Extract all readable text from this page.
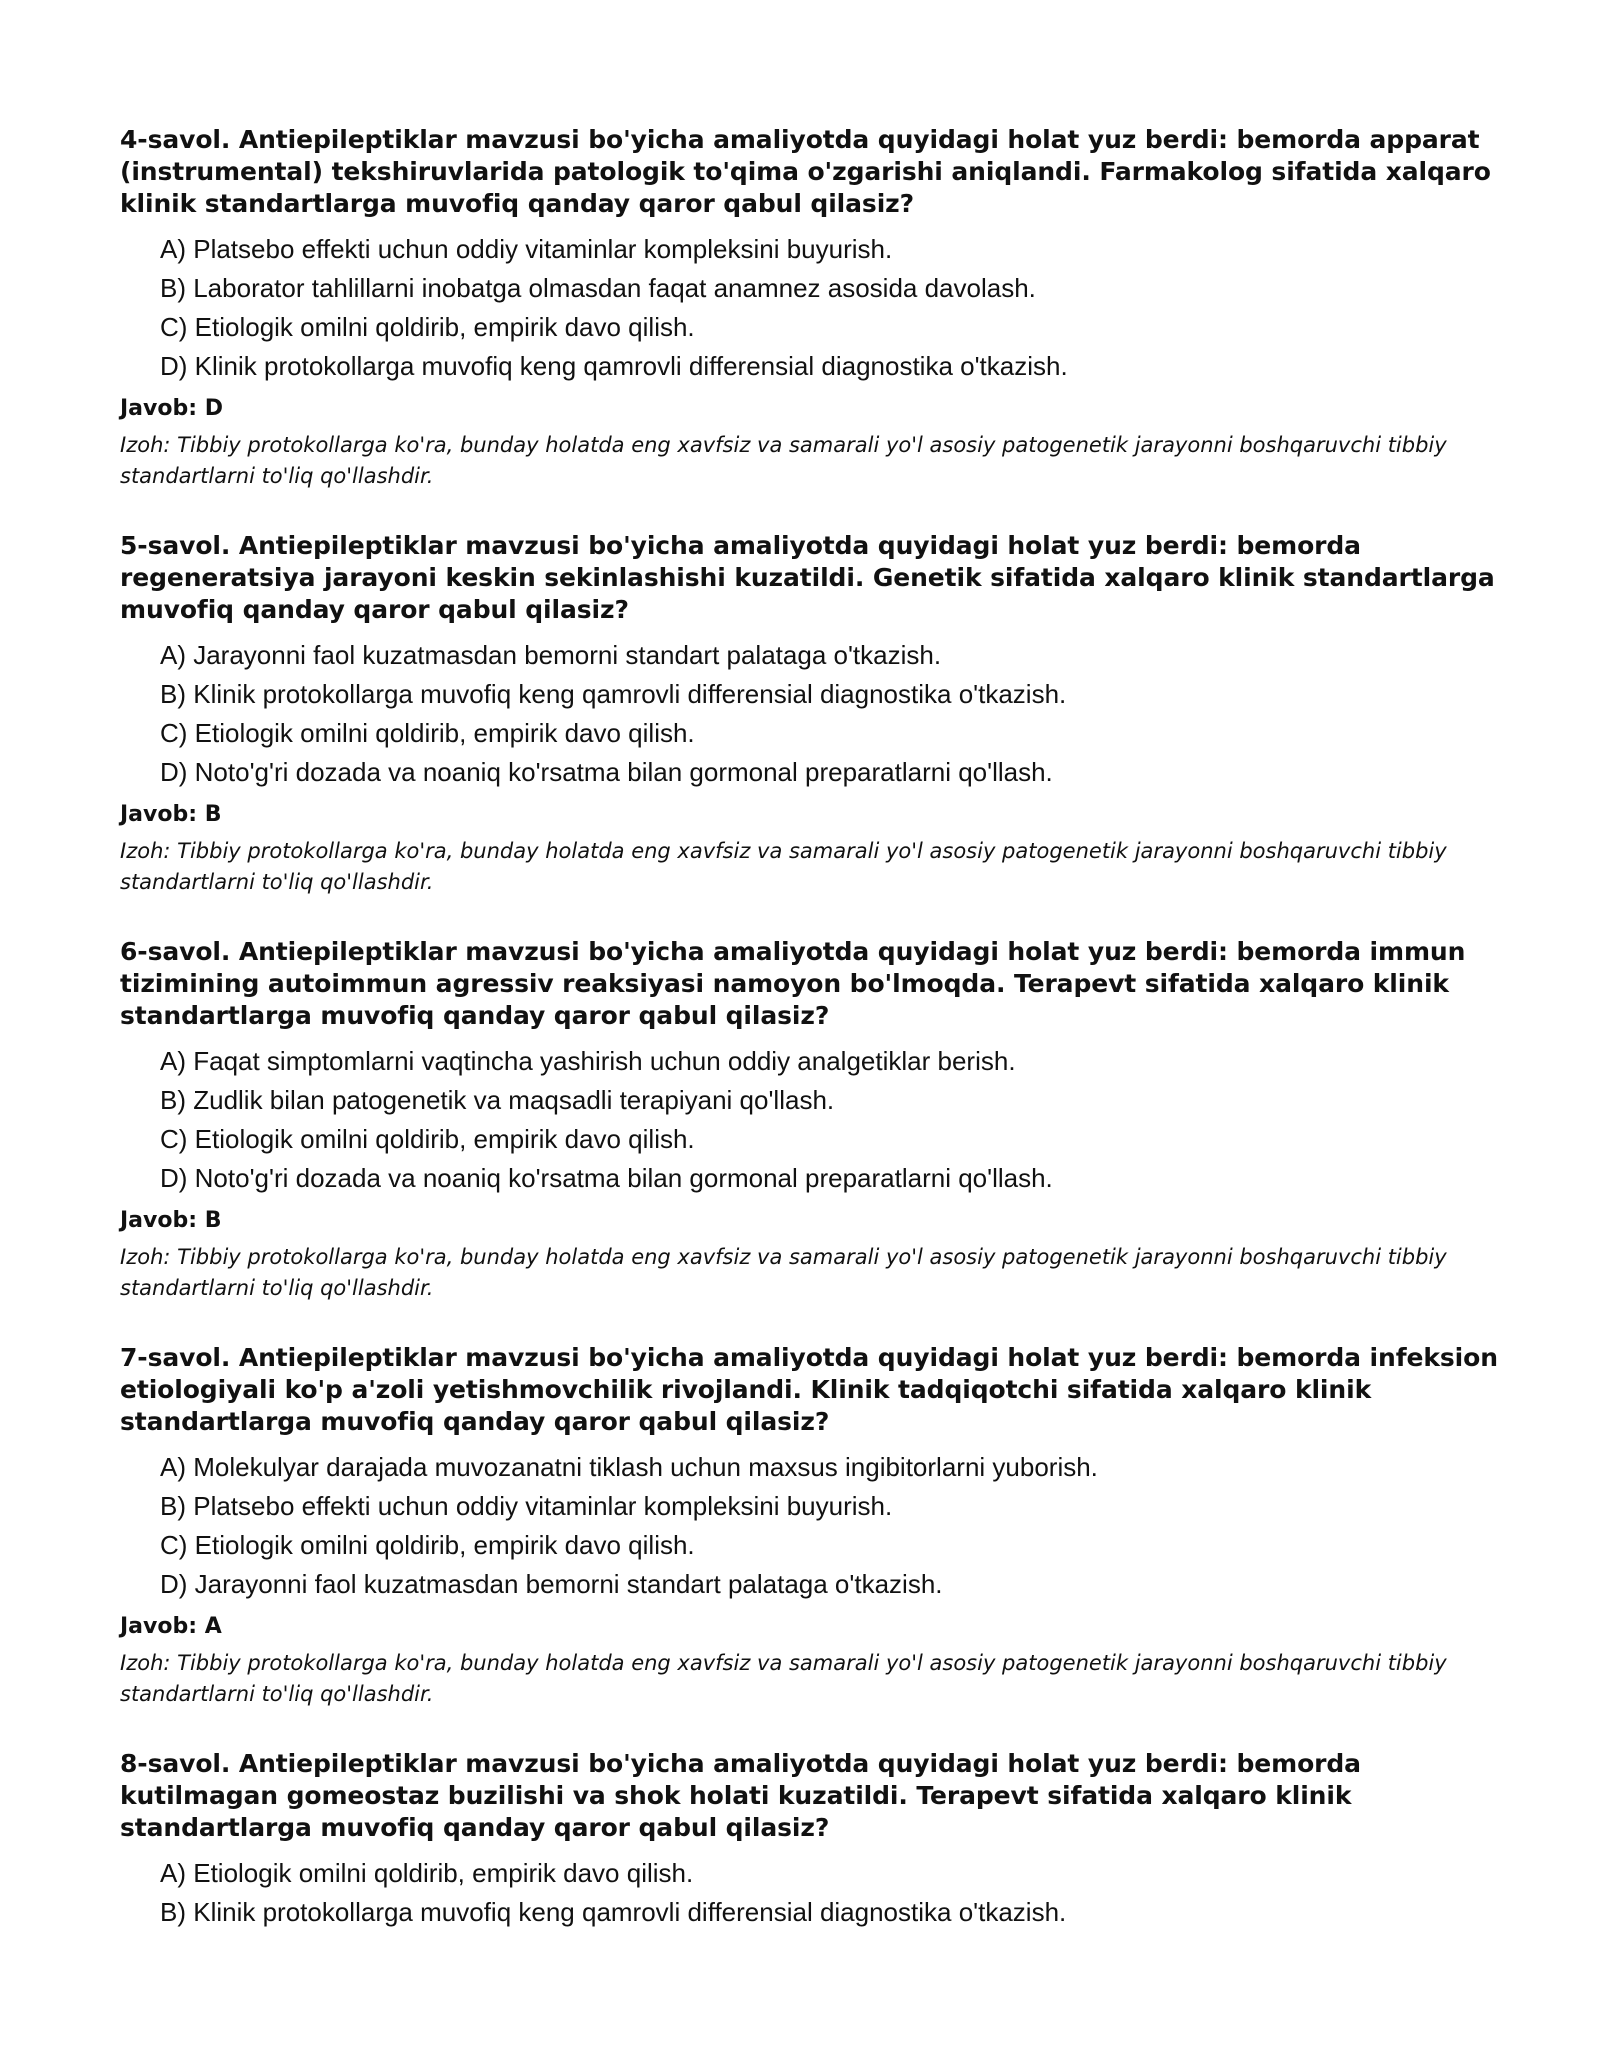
4-savol. Antiepileptiklar mavzusi bo'yicha amaliyotda quyidagi holat yuz berdi: bemorda apparat (instrumental) tekshiruvlarida patologik to'qima o'zgarishi aniqlandi. Farmakolog sifatida xalqaro klinik standartlarga muvofiq qanday qaror qabul qilasiz?

A) Platsebo effekti uchun oddiy vitaminlar kompleksini buyurish.
B) Laborator tahlillarni inobatga olmasdan faqat anamnez asosida davolash.
C) Etiologik omilni qoldirib, empirik davo qilish.
D) Klinik protokollarga muvofiq keng qamrovli differensial diagnostika o'tkazish.

Javob: D

Izoh: Tibbiy protokollarga ko'ra, bunday holatda eng xavfsiz va samarali yo'l asosiy patogenetik jarayonni boshqaruvchi tibbiy standartlarni to'liq qo'llashdir.

5-savol. Antiepileptiklar mavzusi bo'yicha amaliyotda quyidagi holat yuz berdi: bemorda regeneratsiya jarayoni keskin sekinlashishi kuzatildi. Genetik sifatida xalqaro klinik standartlarga muvofiq qanday qaror qabul qilasiz?

A) Jarayonni faol kuzatmasdan bemorni standart palataga o'tkazish.
B) Klinik protokollarga muvofiq keng qamrovli differensial diagnostika o'tkazish.
C) Etiologik omilni qoldirib, empirik davo qilish.
D) Noto'g'ri dozada va noaniq ko'rsatma bilan gormonal preparatlarni qo'llash.

Javob: B

Izoh: Tibbiy protokollarga ko'ra, bunday holatda eng xavfsiz va samarali yo'l asosiy patogenetik jarayonni boshqaruvchi tibbiy standartlarni to'liq qo'llashdir.

6-savol. Antiepileptiklar mavzusi bo'yicha amaliyotda quyidagi holat yuz berdi: bemorda immun tizimining autoimmun agressiv reaksiyasi namoyon bo'lmoqda. Terapevt sifatida xalqaro klinik standartlarga muvofiq qanday qaror qabul qilasiz?

A) Faqat simptomlarni vaqtincha yashirish uchun oddiy analgetiklar berish.
B) Zudlik bilan patogenetik va maqsadli terapiyani qo'llash.
C) Etiologik omilni qoldirib, empirik davo qilish.
D) Noto'g'ri dozada va noaniq ko'rsatma bilan gormonal preparatlarni qo'llash.

Javob: B

Izoh: Tibbiy protokollarga ko'ra, bunday holatda eng xavfsiz va samarali yo'l asosiy patogenetik jarayonni boshqaruvchi tibbiy standartlarni to'liq qo'llashdir.

7-savol. Antiepileptiklar mavzusi bo'yicha amaliyotda quyidagi holat yuz berdi: bemorda infeksion etiologiyali ko'p a'zoli yetishmovchilik rivojlandi. Klinik tadqiqotchi sifatida xalqaro klinik standartlarga muvofiq qanday qaror qabul qilasiz?

A) Molekulyar darajada muvozanatni tiklash uchun maxsus ingibitorlarni yuborish.
B) Platsebo effekti uchun oddiy vitaminlar kompleksini buyurish.
C) Etiologik omilni qoldirib, empirik davo qilish.
D) Jarayonni faol kuzatmasdan bemorni standart palataga o'tkazish.

Javob: A

Izoh: Tibbiy protokollarga ko'ra, bunday holatda eng xavfsiz va samarali yo'l asosiy patogenetik jarayonni boshqaruvchi tibbiy standartlarni to'liq qo'llashdir.

8-savol. Antiepileptiklar mavzusi bo'yicha amaliyotda quyidagi holat yuz berdi: bemorda kutilmagan gomeostaz buzilishi va shok holati kuzatildi. Terapevt sifatida xalqaro klinik standartlarga muvofiq qanday qaror qabul qilasiz?

A) Etiologik omilni qoldirib, empirik davo qilish.
B) Klinik protokollarga muvofiq keng qamrovli differensial diagnostika o'tkazish.
